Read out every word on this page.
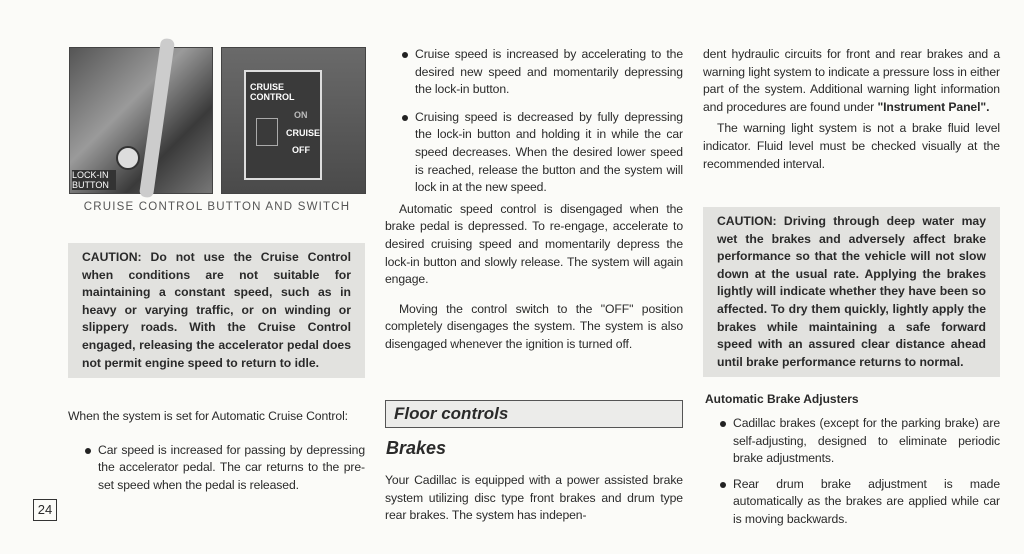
LOCK-IN BUTTON
CRUISE CONTROL
ON
CRUISE
OFF
CRUISE CONTROL BUTTON AND SWITCH
CAUTION: Do not use the Cruise Control when conditions are not suitable for maintaining a constant speed, such as in heavy or varying traffic, or on winding or slippery roads. With the Cruise Control engaged, releasing the accelerator pedal does not permit engine speed to return to idle.

When the system is set for Automatic Cruise Control:

Car speed is increased for passing by depressing the accelerator pedal. The car returns to the pre-set speed when the pedal is released.

24

Cruise speed is increased by accelerating to the desired new speed and momentarily depressing the lock-in button.

Cruising speed is decreased by fully depressing the lock-in button and holding it in while the car speed decreases. When the desired lower speed is reached, release the button and the system will lock in at the new speed.

Automatic speed control is disengaged when the brake pedal is depressed. To re-engage, accelerate to desired cruising speed and momentarily depress the lock-in button and slowly release. The system will again engage.

Moving the control switch to the "OFF" position completely disengages the system. The system is also disengaged whenever the ignition is turned off.

Floor controls
Brakes

Your Cadillac is equipped with a power assisted brake system utilizing disc type front brakes and drum type rear brakes. The system has indepen-

dent hydraulic circuits for front and rear brakes and a warning light system to indicate a pressure loss in either part of the system. Additional warning light information and procedures are found under "Instrument Panel".

The warning light system is not a brake fluid level indicator. Fluid level must be checked visually at the recommended interval.

CAUTION: Driving through deep water may wet the brakes and adversely affect brake performance so that the vehicle will not slow down at the usual rate. Applying the brakes lightly will indicate whether they have been so affected. To dry them quickly, lightly apply the brakes while maintaining a safe forward speed with an assured clear distance ahead until brake performance returns to normal.
Automatic Brake Adjusters

Cadillac brakes (except for the parking brake) are self-adjusting, designed to eliminate periodic brake adjustments.

Rear drum brake adjustment is made automatically as the brakes are applied while car is moving backwards.
